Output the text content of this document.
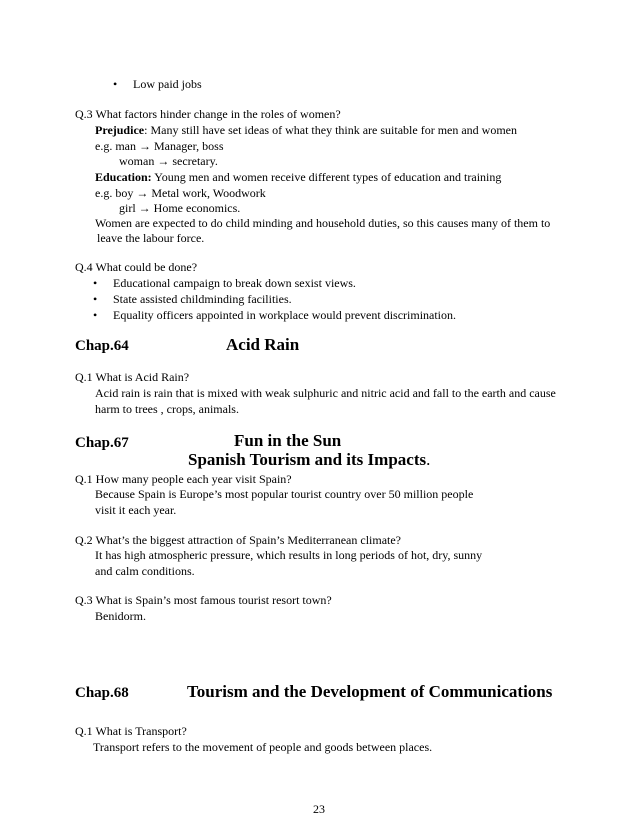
• Low paid jobs
Q.3 What factors hinder change in the roles of women?
Prejudice: Many still have set ideas of what they think are suitable for men and women
e.g. man → Manager, boss
woman → secretary.
Education: Young men and women receive different types of education and training
e.g. boy → Metal work, Woodwork
girl → Home economics.
Women are expected to do child minding and household duties, so this causes many of them to
leave the labour force.
Q.4 What could be done?
• Educational campaign to break down sexist views.
• State assisted childminding facilities.
• Equality officers appointed in workplace would prevent discrimination.
Chap.64	Acid Rain
Q.1 What is Acid Rain?
Acid rain is rain that is mixed with weak sulphuric and nitric acid and fall to the earth and cause
harm to trees , crops, animals.
Chap.67	Fun in the Sun
Spanish Tourism and its Impacts.
Q.1 How many people each year visit Spain?
Because Spain is Europe’s most popular tourist country over 50 million people
visit it each year.
Q.2 What’s the biggest attraction of Spain’s Mediterranean climate?
It has high atmospheric pressure, which results in long periods of hot, dry, sunny
and calm conditions.
Q.3 What is Spain’s most famous tourist resort town?
Benidorm.
Chap.68	Tourism and the Development of Communications
Q.1 What is Transport?
Transport refers to the movement of people and goods between places.
23
